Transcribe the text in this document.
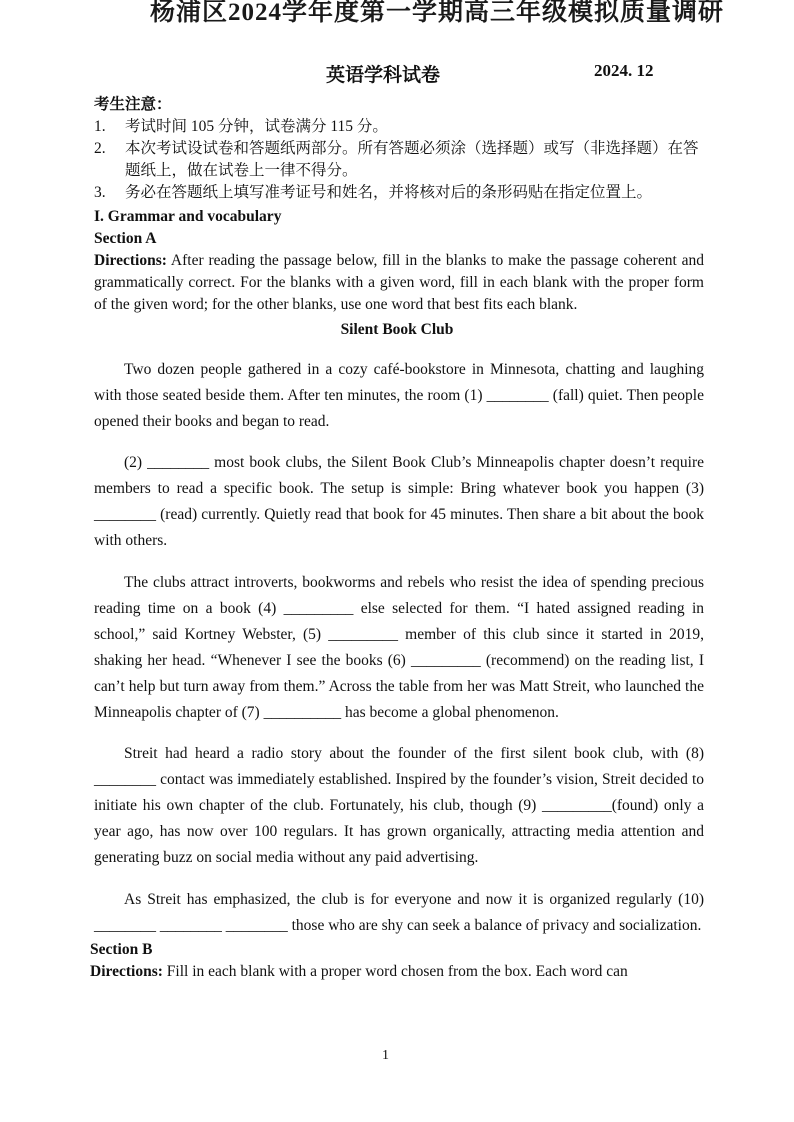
杨浦区2024学年度第一学期高三年级模拟质量调研
英语学科试卷	2024. 12
考生注意：
1. 考试时间 105 分钟，试卷满分 115 分。
2. 本次考试设试卷和答题纸两部分。所有答题必须涂（选择题）或写（非选择题）在答题纸上，做在试卷上一律不得分。
3. 务必在答题纸上填写准考证号和姓名，并将核对后的条形码贴在指定位置上。
I. Grammar and vocabulary
Section A
Directions: After reading the passage below, fill in the blanks to make the passage coherent and grammatically correct. For the blanks with a given word, fill in each blank with the proper form of the given word; for the other blanks, use one word that best fits each blank.
Silent Book Club

Two dozen people gathered in a cozy café-bookstore in Minnesota, chatting and laughing with those seated beside them. After ten minutes, the room (1) ________ (fall) quiet. Then people opened their books and began to read.

(2) ________ most book clubs, the Silent Book Club’s Minneapolis chapter doesn’t require members to read a specific book. The setup is simple: Bring whatever book you happen (3) ________ (read) currently. Quietly read that book for 45 minutes. Then share a bit about the book with others.

The clubs attract introverts, bookworms and rebels who resist the idea of spending precious reading time on a book (4) _________ else selected for them. “I hated assigned reading in school,” said Kortney Webster, (5) _________ member of this club since it started in 2019, shaking her head. “Whenever I see the books (6) _________ (recommend) on the reading list, I can’t help but turn away from them.” Across the table from her was Matt Streit, who launched the Minneapolis chapter of (7) __________ has become a global phenomenon.

Streit had heard a radio story about the founder of the first silent book club, with (8) ________ contact was immediately established. Inspired by the founder’s vision, Streit decided to initiate his own chapter of the club. Fortunately, his club, though (9) _________(found) only a year ago, has now over 100 regulars. It has grown organically, attracting media attention and generating buzz on social media without any paid advertising.

As Streit has emphasized, the club is for everyone and now it is organized regularly (10) ________ ________ ________ those who are shy can seek a balance of privacy and socialization.

Section B
Directions: Fill in each blank with a proper word chosen from the box. Each word can
1
